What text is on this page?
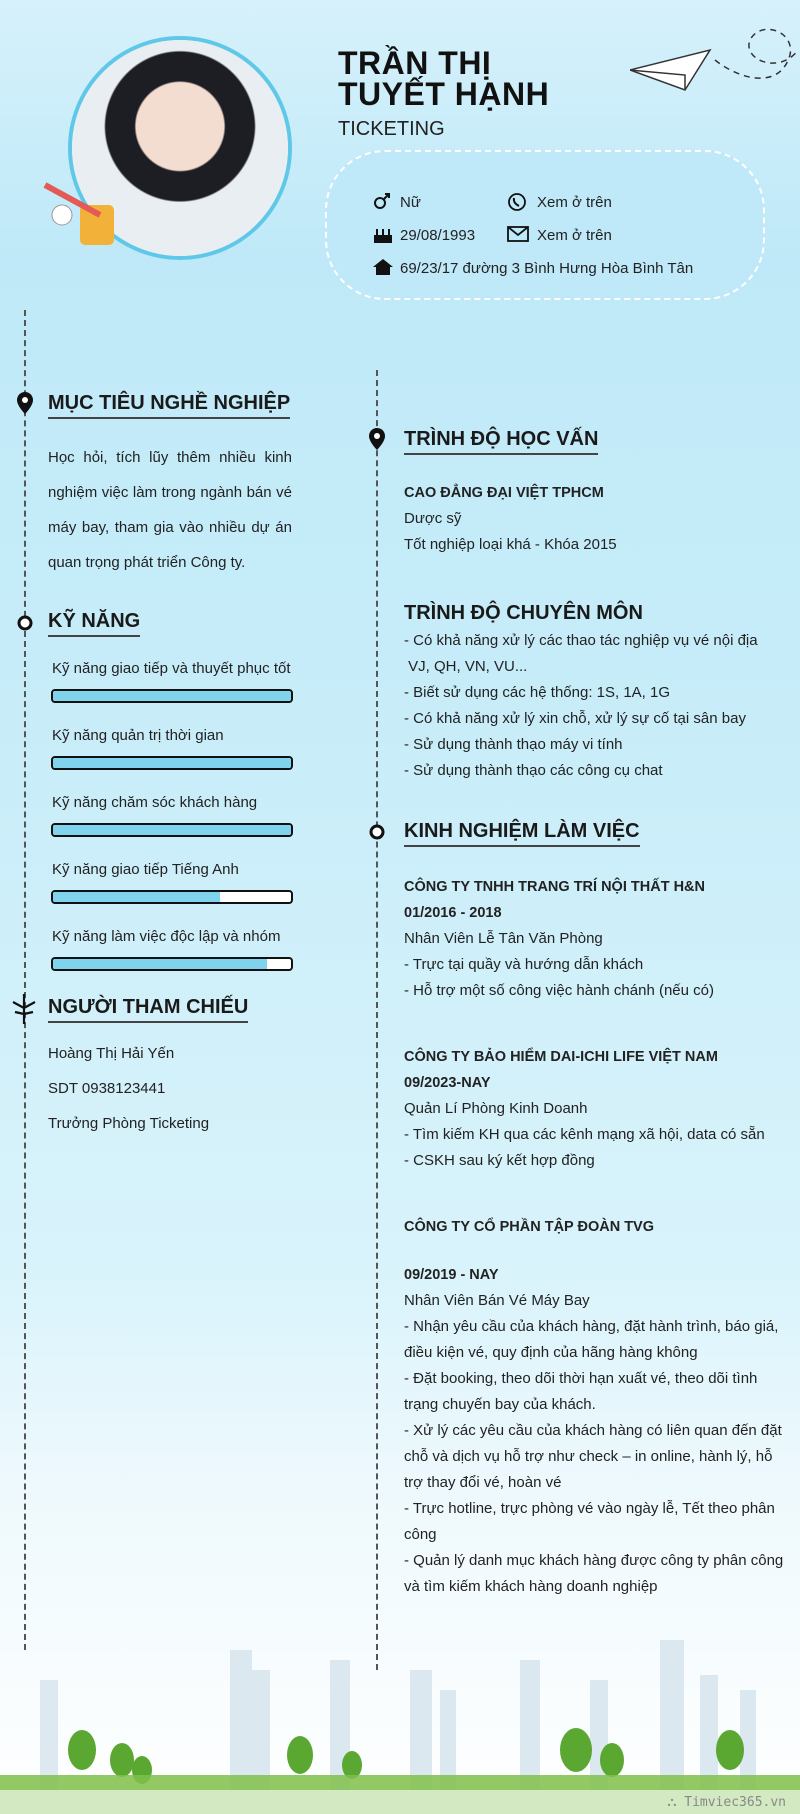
TRẦN THỊ
TUYẾT HẠNH
TICKETING
Nữ	Xem ở trên
29/08/1993	Xem ở trên
69/23/17 đường 3 Bình Hưng Hòa Bình Tân
MỤC TIÊU NGHỀ NGHIỆP
Học hỏi, tích lũy thêm nhiều kinh nghiệm việc làm trong ngành bán vé máy bay, tham gia vào nhiều dự án quan trọng phát triển Công ty.
KỸ NĂNG
Kỹ năng giao tiếp và thuyết phục tốt
Kỹ năng quản trị thời gian
Kỹ năng chăm sóc khách hàng
Kỹ năng giao tiếp Tiếng Anh
Kỹ năng làm việc độc lập và nhóm
NGƯỜI THAM CHIẾU
Hoàng Thị Hải Yến
SDT 0938123441
Trưởng Phòng Ticketing
TRÌNH ĐỘ HỌC VẤN
CAO ĐẲNG ĐẠI VIỆT TPHCM
Dược sỹ
Tốt nghiệp loại khá - Khóa 2015
TRÌNH ĐỘ CHUYÊN MÔN
- Có khả năng xử lý các thao tác nghiệp vụ vé nội địa
VJ, QH, VN, VU...
- Biết sử dụng các hệ thống: 1S, 1A, 1G
- Có khả năng xử lý xin chỗ, xử lý sự cố tại sân bay
- Sử dụng thành thạo máy vi tính
- Sử dụng thành thạo các công cụ chat
KINH NGHIỆM LÀM VIỆC
CÔNG TY TNHH TRANG TRÍ NỘI THẤT H&N
01/2016 - 2018
Nhân Viên Lễ Tân Văn Phòng
- Trực tại quầy và hướng dẫn khách
- Hỗ trợ một số công việc hành chánh (nếu có)
CÔNG TY BẢO HIỂM DAI-ICHI LIFE VIỆT NAM
09/2023-NAY
Quản Lí Phòng Kinh Doanh
- Tìm kiếm KH qua các kênh mạng xã hội, data có sẵn
- CSKH sau ký kết hợp đồng
CÔNG TY CỔ PHẦN TẬP ĐOÀN TVG
09/2019 - NAY
Nhân Viên Bán Vé Máy Bay
- Nhận yêu cầu của khách hàng, đặt hành trình, báo giá,
điều kiện vé, quy định của hãng hàng không
- Đặt booking, theo dõi thời hạn xuất vé, theo dõi tình
trạng chuyến bay của khách.
- Xử lý các yêu cầu của khách hàng có liên quan đến đặt
chỗ và dịch vụ hỗ trợ như check – in online, hành lý, hỗ
trợ thay đổi vé, hoàn vé
- Trực hotline, trực phòng vé vào ngày lễ, Tết theo phân
công
- Quản lý danh mục khách hàng được công ty phân công
và tìm kiếm khách hàng doanh nghiệp
⛬ Timviec365.vn
